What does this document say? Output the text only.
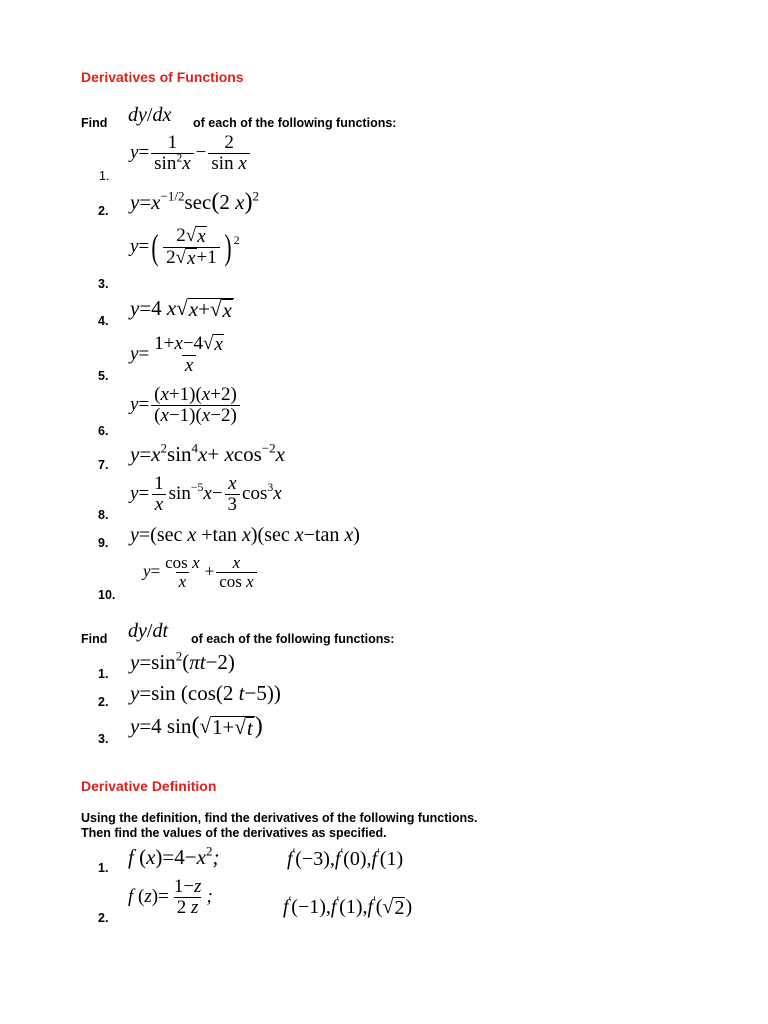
Derivatives of Functions
Find dy/dx of each of the following functions:
1.
2.
3.
4.
5.
6.
7.
8.
9.
10.
$y= \frac{1}{\sin^2x} - \frac{2}{\text{sin x}}$
$y=x^{-1/2}\sec(2$ x)$^2$
$y=( \frac{2 √ x}{2 √ x +1}$ ) $^2$
y=4 x √ x+ √ x
$y= \frac{1+x-4 √ x}{x}$
$y= \frac{(x+1)(x+2)}{(x-1)(x-2)}$
$y=x^2\sin^4x+ xcos^{-2}x$
$y= \frac{1}{x} \sin^{-5}x- \frac{x}{3} \cos^3x$
y=(sec x +tan x)(sec x−tan x)
$y= \frac{\text{cos x}}{x} + \frac{x}{\text{cos x}}$
Find dy/dt of each of the following functions:
1.
2.
3.
$y=\sin^2(\pi t-2)$
y=sin (cos(2 t−5))
y=4 sin( √ 1+ √ t )
Derivative Definition
Using the definition, find the derivatives of the following functions.
Then find the values of the derivatives as specified.
1.
2.
f $(x)=4-x^2$;	f′(−3),f′(0),f′(1)
f $(z)= \frac{1-z}{2 z}$ ;	f′(−1),f′(1),f′( √ 2 )
